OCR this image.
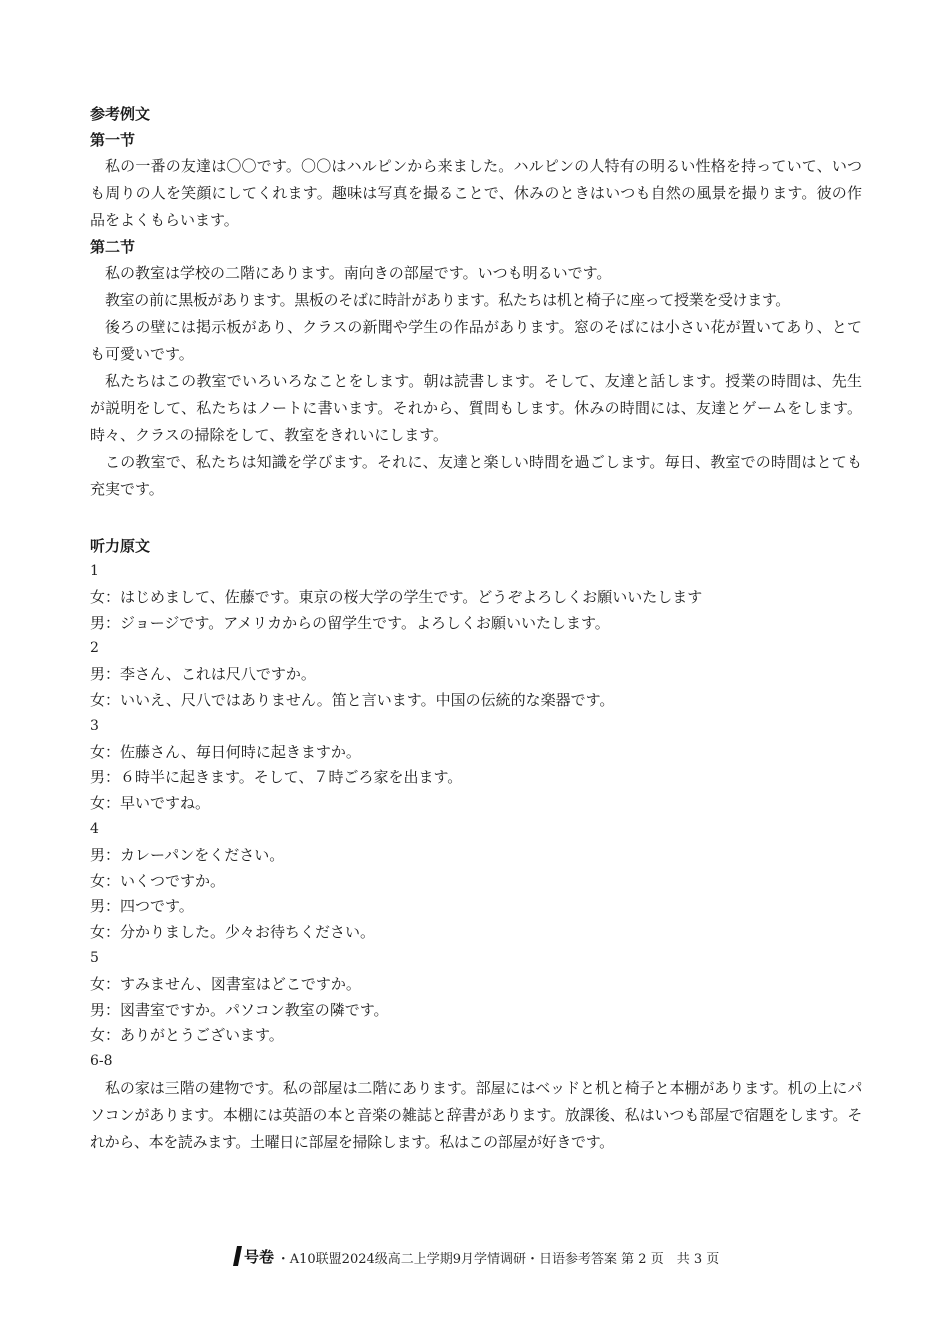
参考例文
第一节

私の一番の友達は〇〇です。〇〇はハルピンから来ました。ハルピンの人特有の明るい性格を持っていて、いつも周りの人を笑顔にしてくれます。趣味は写真を撮ることで、休みのときはいつも自然の風景を撮ります。彼の作品をよくもらいます。

第二节

私の教室は学校の二階にあります。南向きの部屋です。いつも明るいです。

教室の前に黒板があります。黒板のそばに時計があります。私たちは机と椅子に座って授業を受けます。

後ろの壁には掲示板があり、クラスの新聞や学生の作品があります。窓のそばには小さい花が置いてあり、とても可愛いです。

私たちはこの教室でいろいろなことをします。朝は読書します。そして、友達と話します。授業の時間は、先生が説明をして、私たちはノートに書います。それから、質問もします。休みの時間には、友達とゲームをします。時々、クラスの掃除をして、教室をきれいにします。

この教室で、私たちは知識を学びます。それに、友達と楽しい時間を過ごします。毎日、教室での時間はとても充実です。

听力原文
1
女：はじめまして、佐藤です。東京の桜大学の学生です。どうぞよろしくお願いいたします
男：ジョージです。アメリカからの留学生です。よろしくお願いいたします。
2
男：李さん、これは尺八ですか。
女：いいえ、尺八ではありません。笛と言います。中国の伝統的な楽器です。
3
女：佐藤さん、毎日何時に起きますか。
男：６時半に起きます。そして、７時ごろ家を出ます。
女：早いですね。
4
男：カレーパンをください。
女：いくつですか。
男：四つです。
女：分かりました。少々お待ちください。
5
女：すみません、図書室はどこですか。
男：図書室ですか。パソコン教室の隣です。
女：ありがとうございます。
6-8

私の家は三階の建物です。私の部屋は二階にあります。部屋にはベッドと机と椅子と本棚があります。机の上にパソコンがあります。本棚には英語の本と音楽の雑誌と辞書があります。放課後、私はいつも部屋で宿題をします。それから、本を読みます。土曜日に部屋を掃除します。私はこの部屋が好きです。

号卷 ・A10联盟2024级高二上学期9月学情调研・日语参考答案 第 2 页　共 3 页
